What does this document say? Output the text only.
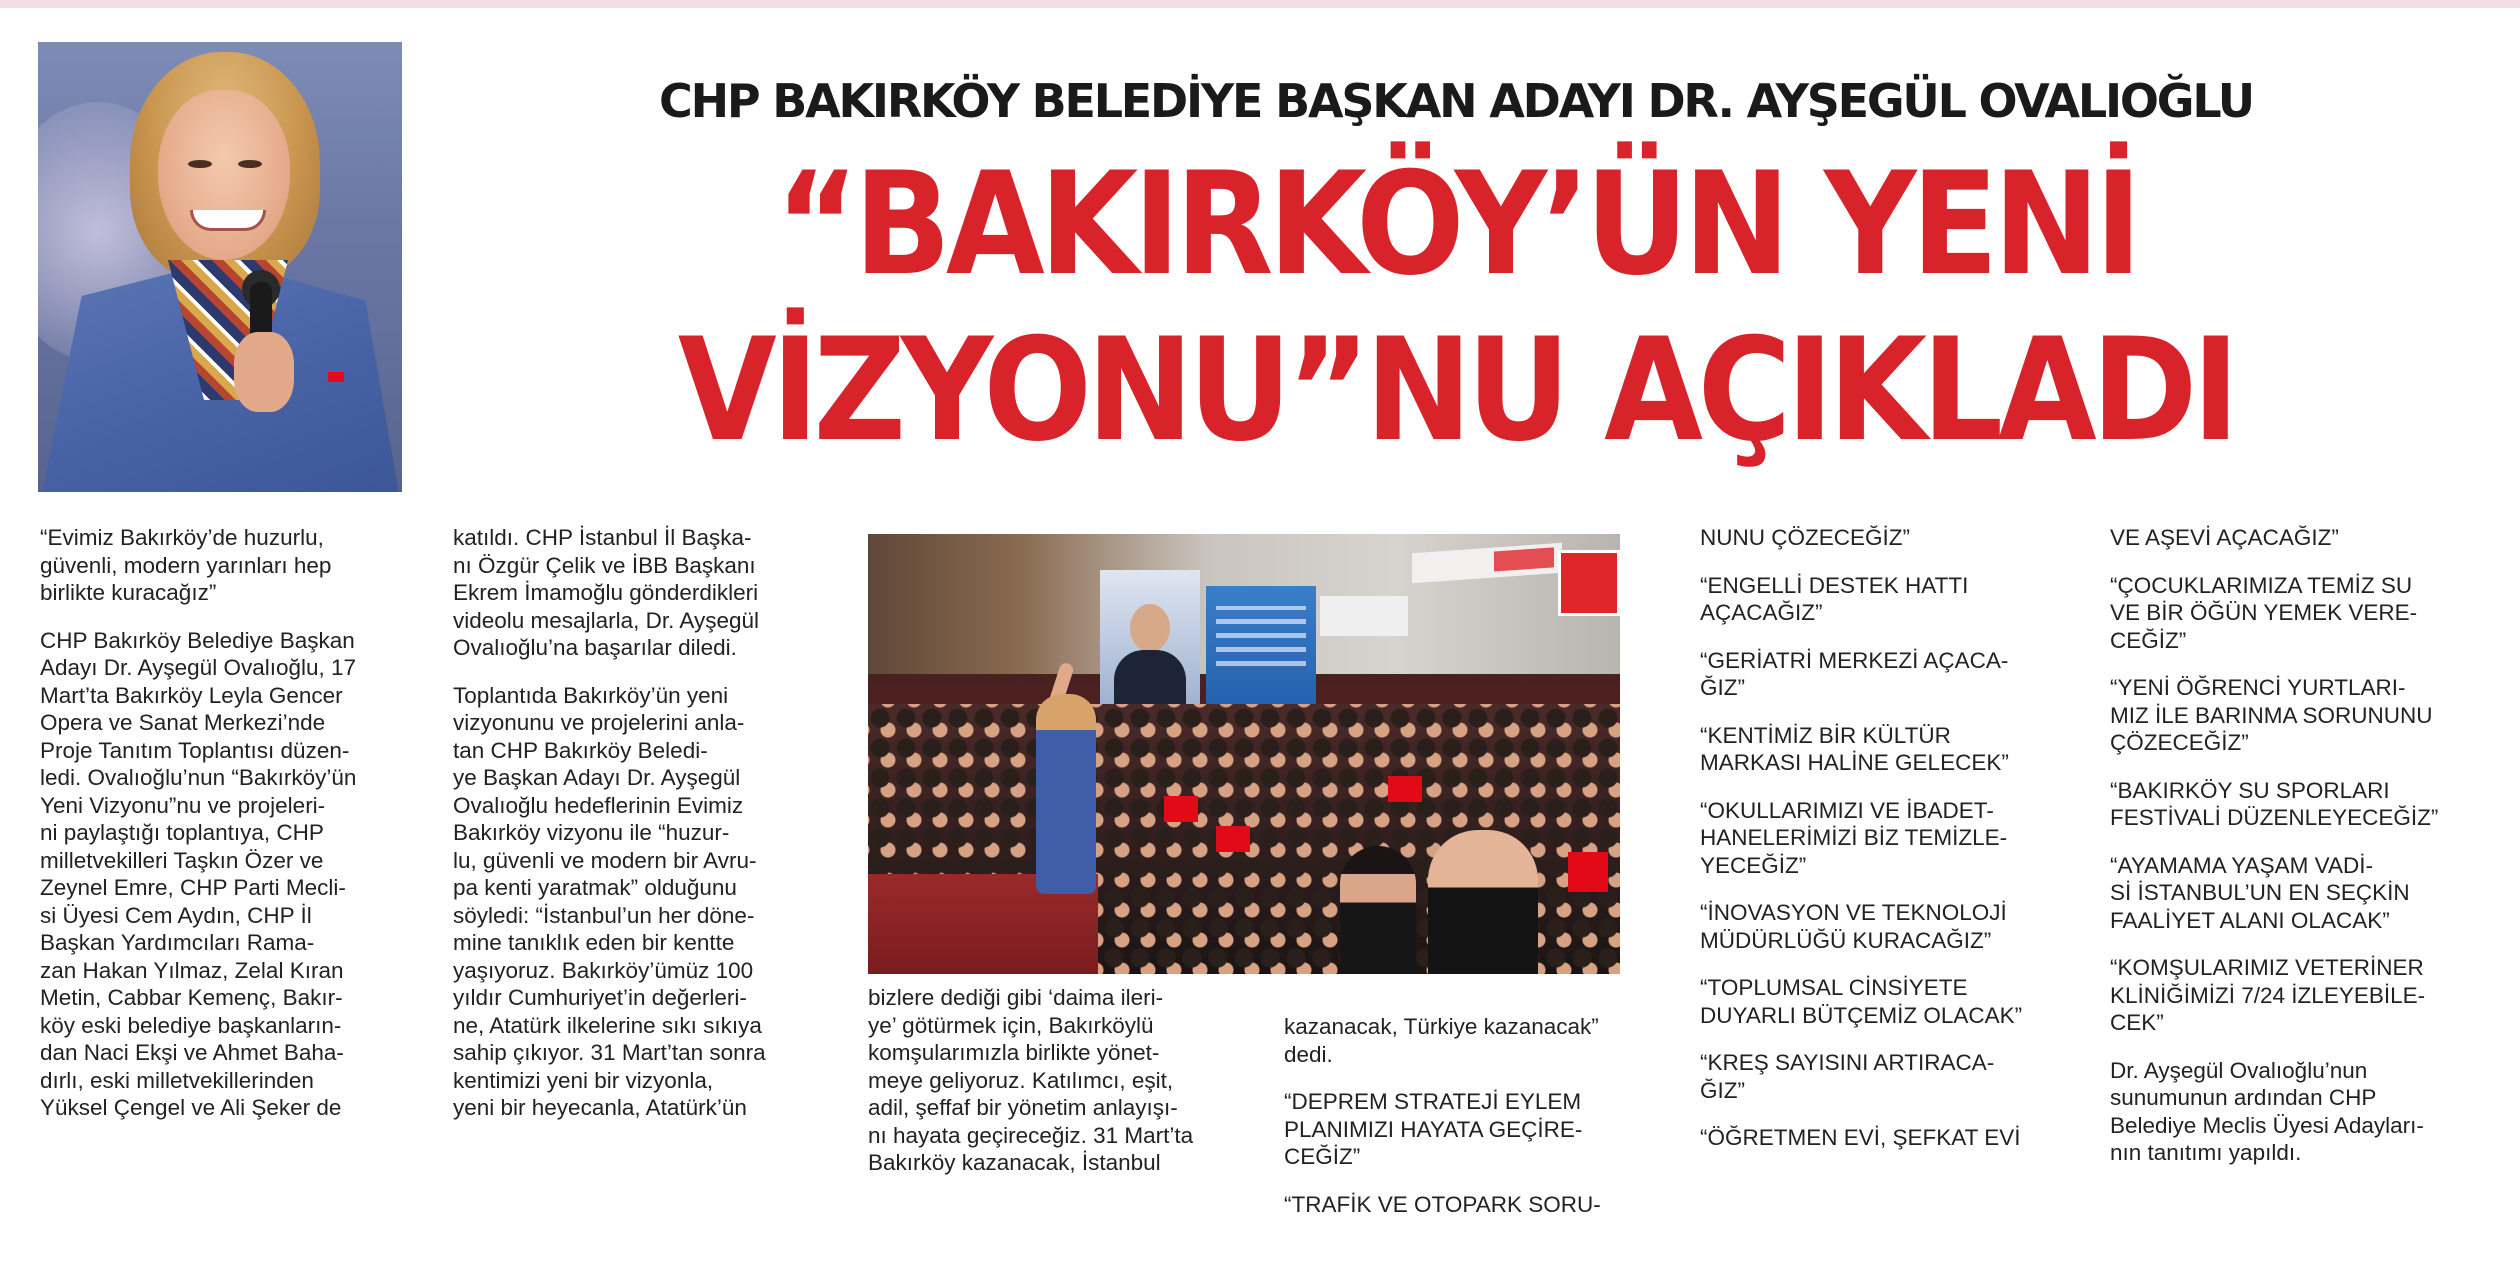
CHP BAKIRKÖY BELEDİYE BAŞKAN ADAYI DR. AYŞEGÜL OVALIOĞLU
“BAKIRKÖY’ÜN YENİ
VİZYONU”NU AÇIKLADI

“Evimiz Bakırköy’de huzurlu,
güvenli, modern yarınları hep
birlikte kuracağız”

CHP Bakırköy Belediye Başkan
Adayı Dr. Ayşegül Ovalıoğlu, 17
Mart’ta Bakırköy Leyla Gencer
Opera ve Sanat Merkezi’nde
Proje Tanıtım Toplantısı düzen-
ledi. Ovalıoğlu’nun “Bakırköy’ün
Yeni Vizyonu”nu ve projeleri-
ni paylaştığı toplantıya, CHP
milletvekilleri Taşkın Özer ve
Zeynel Emre, CHP Parti Mecli-
si Üyesi Cem Aydın, CHP İl
Başkan Yardımcıları Rama-
zan Hakan Yılmaz, Zelal Kıran
Metin, Cabbar Kemenç, Bakır-
köy eski belediye başkanların-
dan Naci Ekşi ve Ahmet Baha-
dırlı, eski milletvekillerinden
Yüksel Çengel ve Ali Şeker de

katıldı. CHP İstanbul İl Başka-
nı Özgür Çelik ve İBB Başkanı
Ekrem İmamoğlu gönderdikleri
videolu mesajlarla, Dr. Ayşegül
Ovalıoğlu’na başarılar diledi.

Toplantıda Bakırköy’ün yeni
vizyonunu ve projelerini anla-
tan CHP Bakırköy Beledi-
ye Başkan Adayı Dr. Ayşegül
Ovalıoğlu hedeflerinin Evimiz
Bakırköy vizyonu ile “huzur-
lu, güvenli ve modern bir Avru-
pa kenti yaratmak” olduğunu
söyledi: “İstanbul’un her döne-
mine tanıklık eden bir kentte
yaşıyoruz. Bakırköy’ümüz 100
yıldır Cumhuriyet’in değerleri-
ne, Atatürk ilkelerine sıkı sıkıya
sahip çıkıyor. 31 Mart’tan sonra
kentimizi yeni bir vizyonla,
yeni bir heyecanla, Atatürk’ün

bizlere dediği gibi ‘daima ileri-
ye’ götürmek için, Bakırköylü
komşularımızla birlikte yönet-
meye geliyoruz. Katılımcı, eşit,
adil, şeffaf bir yönetim anlayışı-
nı hayata geçireceğiz. 31 Mart’ta
Bakırköy kazanacak, İstanbul

kazanacak, Türkiye kazanacak”
dedi.

“DEPREM STRATEJİ EYLEM
PLANIMIZI HAYATA GEÇİRE-
CEĞİZ”

“TRAFİK VE OTOPARK SORU-

NUNU ÇÖZECEĞİZ”

“ENGELLİ DESTEK HATTI
AÇACAĞIZ”

“GERİATRİ MERKEZİ AÇACA-
ĞIZ”

“KENTİMİZ BİR KÜLTÜR
MARKASI HALİNE GELECEK”

“OKULLARIMIZI VE İBADET-
HANELERİMİZİ BİZ TEMİZLE-
YECEĞİZ”

“İNOVASYON VE TEKNOLOJİ
MÜDÜRLÜĞÜ KURACAĞIZ”

“TOPLUMSAL CİNSİYETE
DUYARLI BÜTÇEMİZ OLACAK”

“KREŞ SAYISINI ARTIRACA-
ĞIZ”

“ÖĞRETMEN EVİ, ŞEFKAT EVİ

VE AŞEVİ AÇACAĞIZ”

“ÇOCUKLARIMIZA TEMİZ SU
VE BİR ÖĞÜN YEMEK VERE-
CEĞİZ”

“YENİ ÖĞRENCİ YURTLARI-
MIZ İLE BARINMA SORUNUNU
ÇÖZECEĞİZ”

“BAKIRKÖY SU SPORLARI
FESTİVALİ DÜZENLEYECEĞİZ”

“AYAMAMA YAŞAM VADİ-
Sİ İSTANBUL’UN EN SEÇKİN
FAALİYET ALANI OLACAK”

“KOMŞULARIMIZ VETERİNER
KLİNİĞİMİZİ 7/24 İZLEYEBİLE-
CEK”

Dr. Ayşegül Ovalıoğlu’nun
sunumunun ardından CHP
Belediye Meclis Üyesi Adayları-
nın tanıtımı yapıldı.
